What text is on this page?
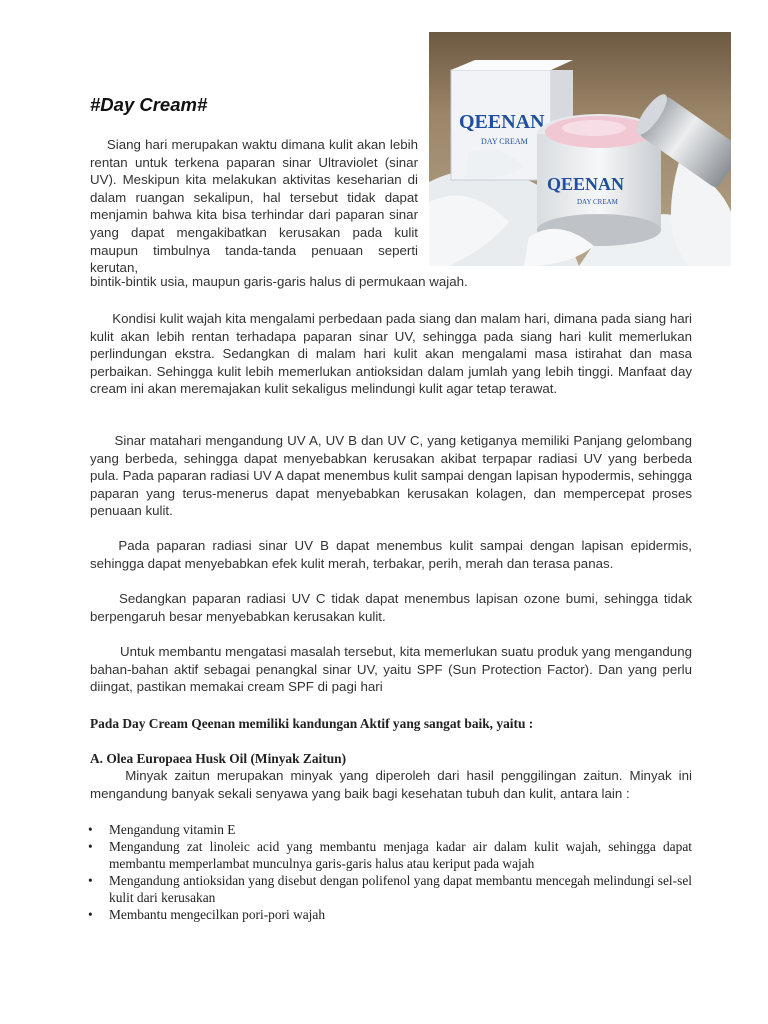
#Day Cream#
QEENAN
DAY CREAM
QEENAN
DAY CREAM
Siang hari merupakan waktu dimana kulit akan lebih rentan untuk terkena paparan sinar Ultraviolet (sinar UV). Meskipun kita melakukan aktivitas keseharian di dalam ruangan sekalipun, hal tersebut tidak dapat menjamin bahwa kita bisa terhindar dari paparan sinar yang dapat mengakibatkan kerusakan pada kulit maupun timbulnya tanda-tanda penuaan seperti kerutan,
bintik-bintik usia, maupun garis-garis halus di permukaan wajah.
Kondisi kulit wajah kita mengalami perbedaan pada siang dan malam hari, dimana pada siang hari kulit akan lebih rentan terhadapa paparan sinar UV, sehingga pada siang hari kulit memerlukan perlindungan ekstra. Sedangkan di malam hari kulit akan mengalami masa istirahat dan masa perbaikan. Sehingga kulit lebih memerlukan antioksidan dalam jumlah yang lebih tinggi. Manfaat day cream ini akan meremajakan kulit sekaligus melindungi kulit agar tetap terawat.
Sinar matahari mengandung UV A, UV B dan UV C, yang ketiganya memiliki Panjang gelombang yang berbeda, sehingga dapat menyebabkan kerusakan akibat terpapar radiasi UV yang berbeda pula. Pada paparan radiasi UV A dapat menembus kulit sampai dengan lapisan hypodermis, sehingga paparan yang terus-menerus dapat menyebabkan kerusakan kolagen, dan mempercepat proses penuaan kulit.
Pada paparan radiasi sinar UV B dapat menembus kulit sampai dengan lapisan epidermis, sehingga dapat menyebabkan efek kulit merah, terbakar, perih, merah dan terasa panas.
Sedangkan paparan radiasi UV C tidak dapat menembus lapisan ozone bumi, sehingga tidak berpengaruh besar menyebabkan kerusakan kulit.
Untuk membantu mengatasi masalah tersebut, kita memerlukan suatu produk yang mengandung bahan-bahan aktif sebagai penangkal sinar UV, yaitu SPF (Sun Protection Factor). Dan yang perlu diingat, pastikan memakai cream SPF di pagi hari
Pada Day Cream Qeenan memiliki kandungan Aktif yang sangat baik, yaitu :
A. Olea Europaea Husk Oil (Minyak Zaitun)
Minyak zaitun merupakan minyak yang diperoleh dari hasil penggilingan zaitun. Minyak ini mengandung banyak sekali senyawa yang baik bagi kesehatan tubuh dan kulit, antara lain :
• Mengandung vitamin E
• Mengandung zat linoleic acid yang membantu menjaga kadar air dalam kulit wajah, sehingga dapat membantu memperlambat munculnya garis-garis halus atau keriput pada wajah
• Mengandung antioksidan yang disebut dengan polifenol yang dapat membantu mencegah melindungi sel-sel kulit dari kerusakan
• Membantu mengecilkan pori-pori wajah
